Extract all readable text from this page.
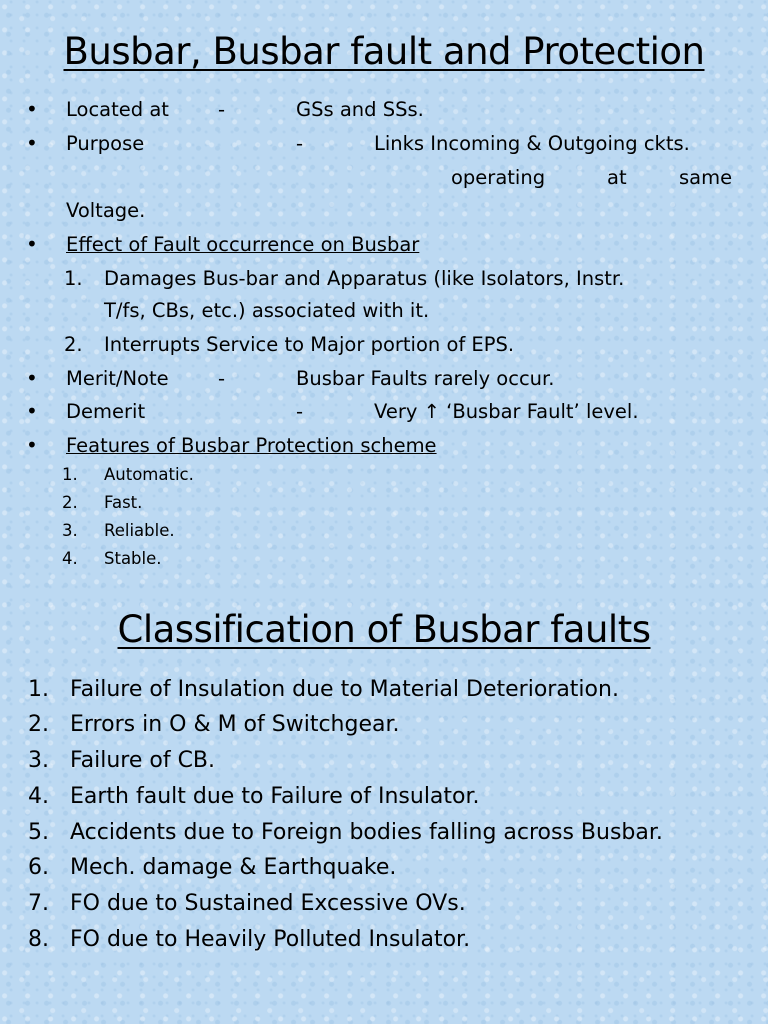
Busbar, Busbar fault and Protection
• Located at	-	GSs and SSs.
• Purpose	-	Links Incoming & Outgoing ckts.
operating	at	same
Voltage.
• Effect of Fault occurrence on Busbar
1. Damages Bus-bar and Apparatus (like Isolators, Instr.
T/fs, CBs, etc.) associated with it.
2. Interrupts Service to Major portion of EPS.
• Merit/Note	-	Busbar Faults rarely occur.
• Demerit	-	Very ↑ ‘Busbar Fault’ level.
• Features of Busbar Protection scheme
1. Automatic.
2. Fast.
3. Reliable.
4. Stable.
Classification of Busbar faults
1. Failure of Insulation due to Material Deterioration.
2. Errors in O & M of Switchgear.
3. Failure of CB.
4. Earth fault due to Failure of Insulator.
5. Accidents due to Foreign bodies falling across Busbar.
6. Mech. damage & Earthquake.
7. FO due to Sustained Excessive OVs.
8. FO due to Heavily Polluted Insulator.
